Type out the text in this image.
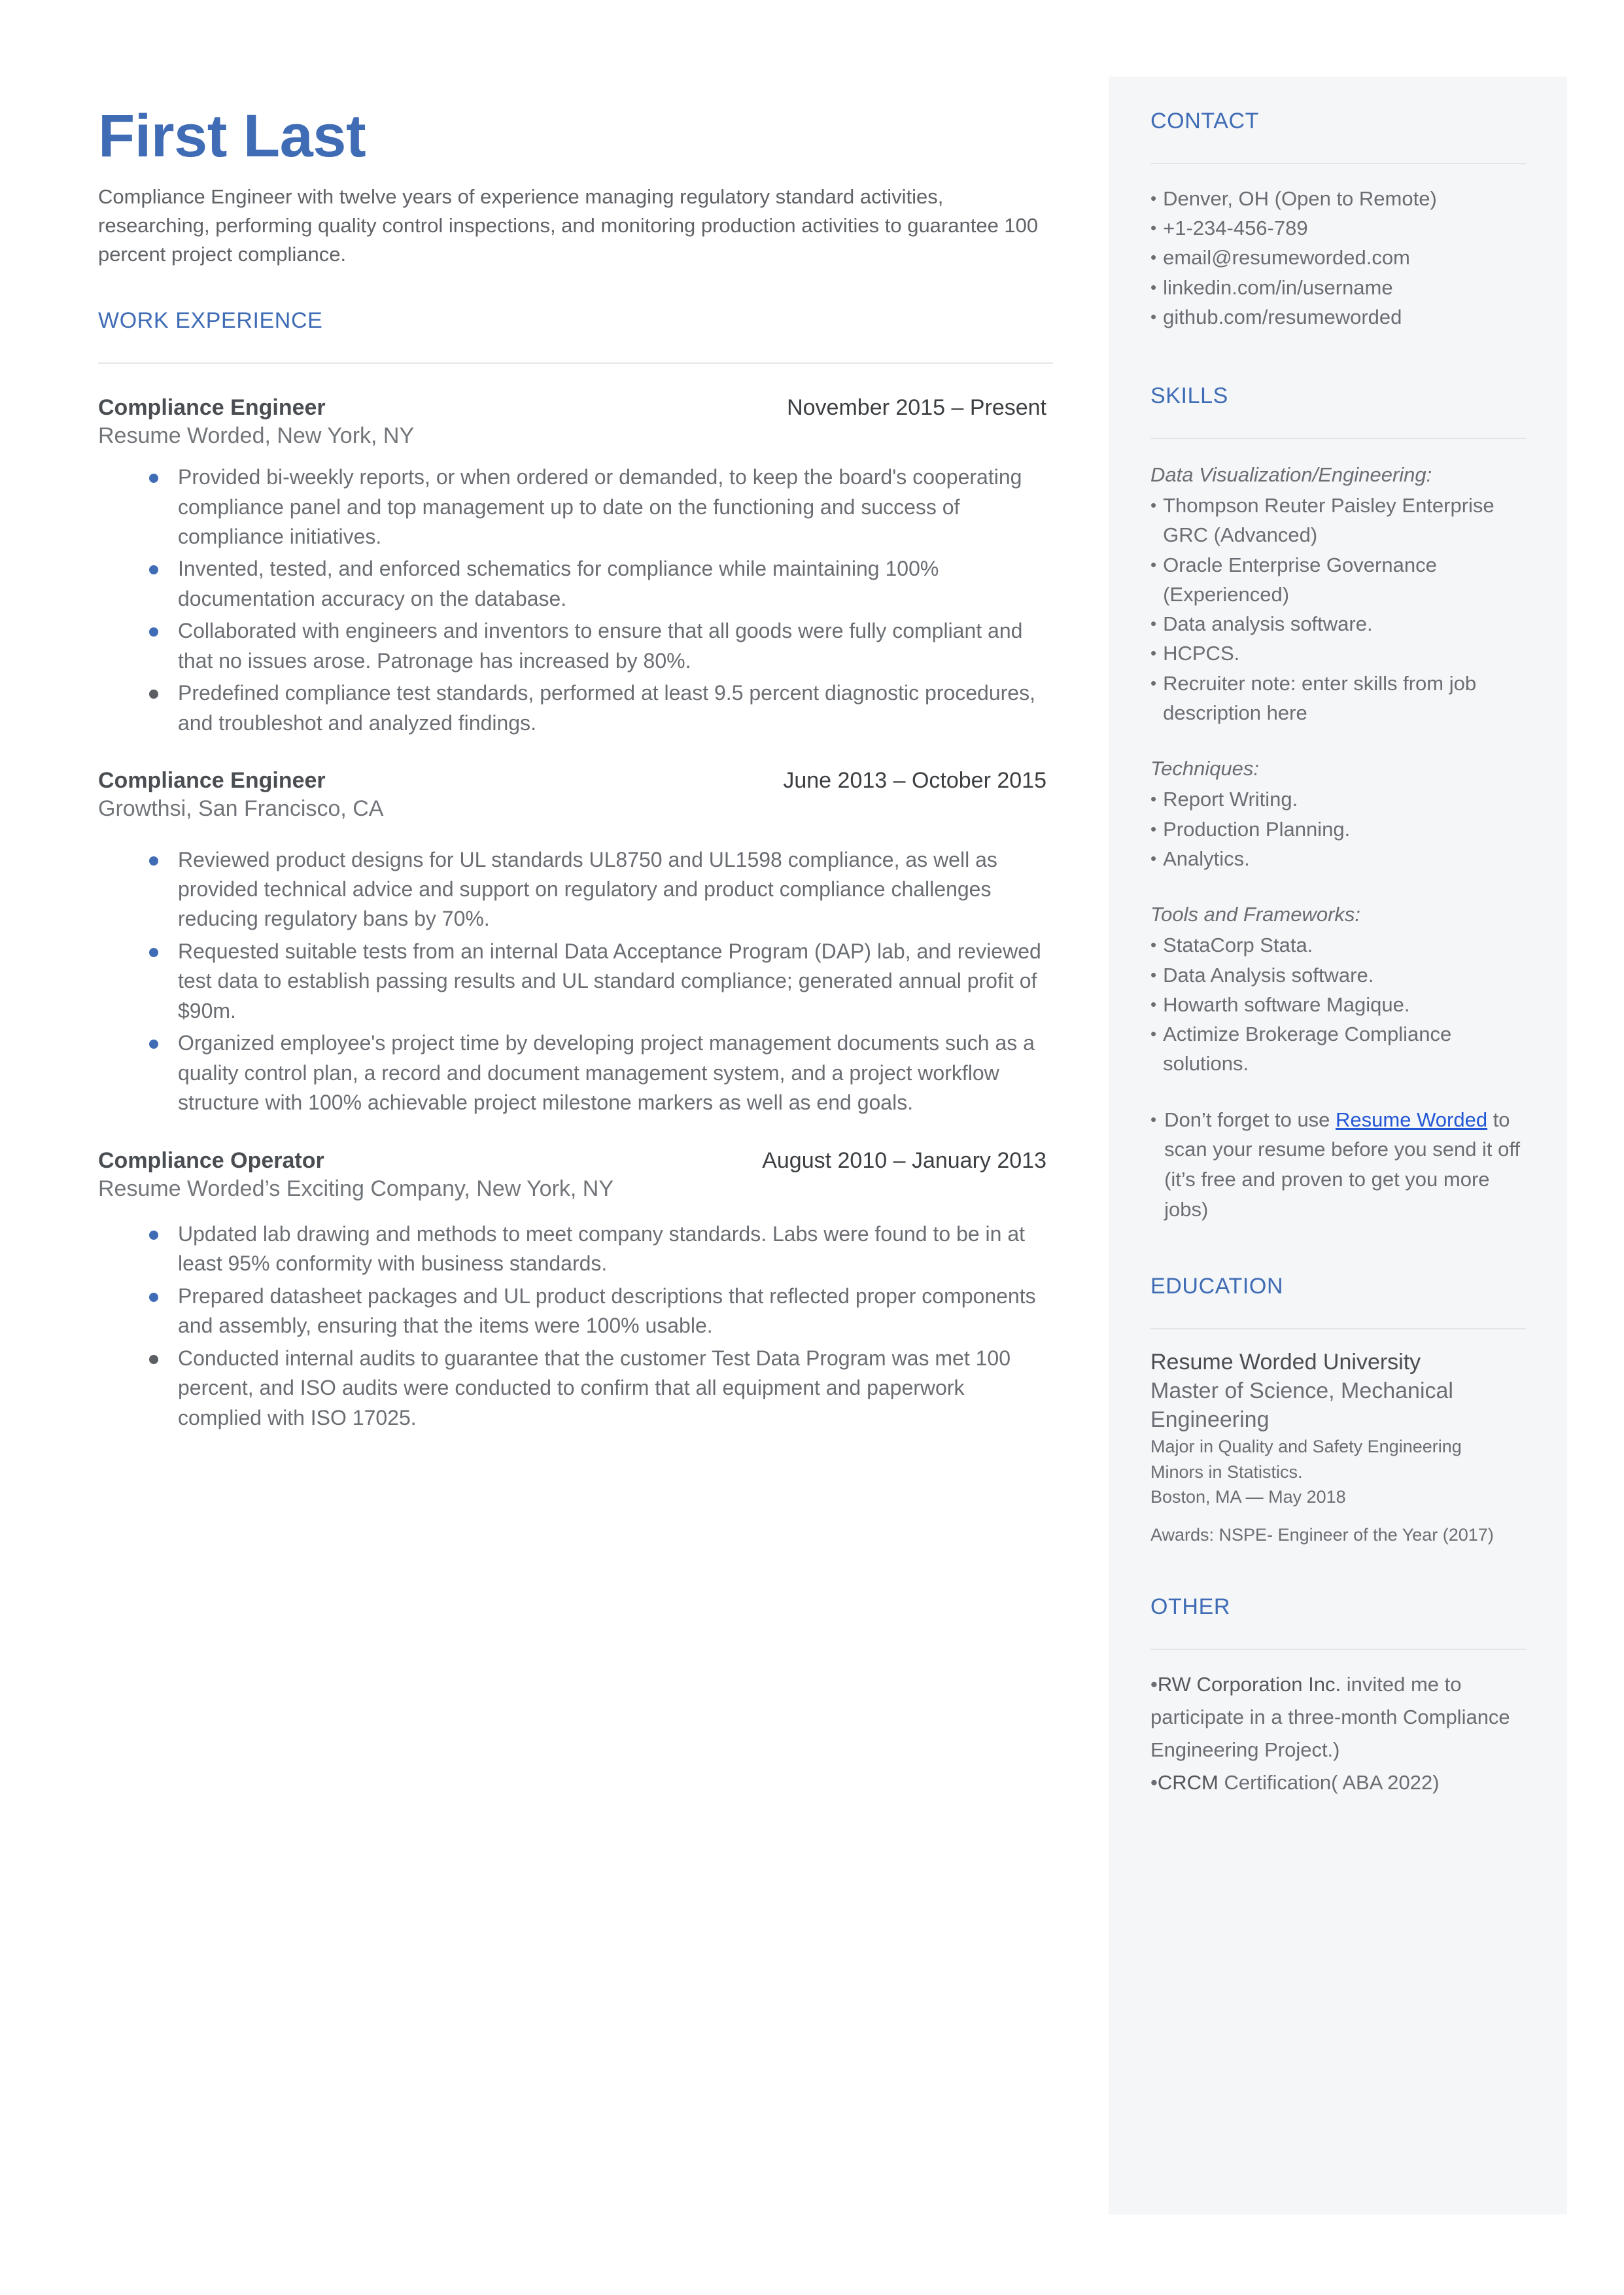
CONTACT
• Denver, OH (Open to Remote)
• +1-234-456-789
• email@resumeworded.com
• linkedin.com/in/username
• github.com/resumeworded
SKILLS

Data Visualization/Engineering:

• Thompson Reuter Paisley Enterprise GRC (Advanced)
• Oracle Enterprise Governance (Experienced)
• Data analysis software.
• HCPCS.
• Recruiter note: enter skills from job description here

Techniques:

• Report Writing.
• Production Planning.
• Analytics.

Tools and Frameworks:

• StataCorp Stata.
• Data Analysis software.
• Howarth software Magique.
• Actimize Brokerage Compliance solutions.
• Don’t forget to use Resume Worded to scan your resume before you send it off (it’s free and proven to get you more jobs)
EDUCATION

Resume Worded University

Master of Science, Mechanical Engineering

Major in Quality and Safety Engineering

Minors in Statistics.

Boston, MA — May 2018

Awards: NSPE- Engineer of the Year (2017)

OTHER

•RW Corporation Inc. invited me to participate in a three-month Compliance Engineering Project.)

•CRCM Certification( ABA 2022)

First Last

Compliance Engineer with twelve years of experience managing regulatory standard activities, researching, performing quality control inspections, and monitoring production activities to guarantee 100 percent project compliance.

WORK EXPERIENCE
Compliance Engineer	November 2015 – Present
Resume Worded, New York, NY
Provided bi-weekly reports, or when ordered or demanded, to keep the board's cooperating compliance panel and top management up to date on the functioning and success of compliance initiatives.
Invented, tested, and enforced schematics for compliance while maintaining 100% documentation accuracy on the database.
Collaborated with engineers and inventors to ensure that all goods were fully compliant and that no issues arose. Patronage has increased by 80%.
Predefined compliance test standards, performed at least 9.5 percent diagnostic procedures, and troubleshot and analyzed findings.
Compliance Engineer	June 2013 – October 2015
Growthsi, San Francisco, CA
Reviewed product designs for UL standards UL8750 and UL1598 compliance, as well as provided technical advice and support on regulatory and product compliance challenges reducing regulatory bans by 70%.
Requested suitable tests from an internal Data Acceptance Program (DAP) lab, and reviewed test data to establish passing results and UL standard compliance; generated annual profit of $90m.
Organized employee's project time by developing project management documents such as a quality control plan, a record and document management system, and a project workflow structure with 100% achievable project milestone markers as well as end goals.
Compliance Operator	August 2010 – January 2013
Resume Worded’s Exciting Company, New York, NY
Updated lab drawing and methods to meet company standards. Labs were found to be in at least 95% conformity with business standards.
Prepared datasheet packages and UL product descriptions that reflected proper components and assembly, ensuring that the items were 100% usable.
Conducted internal audits to guarantee that the customer Test Data Program was met 100 percent, and ISO audits were conducted to confirm that all equipment and paperwork complied with ISO 17025.
